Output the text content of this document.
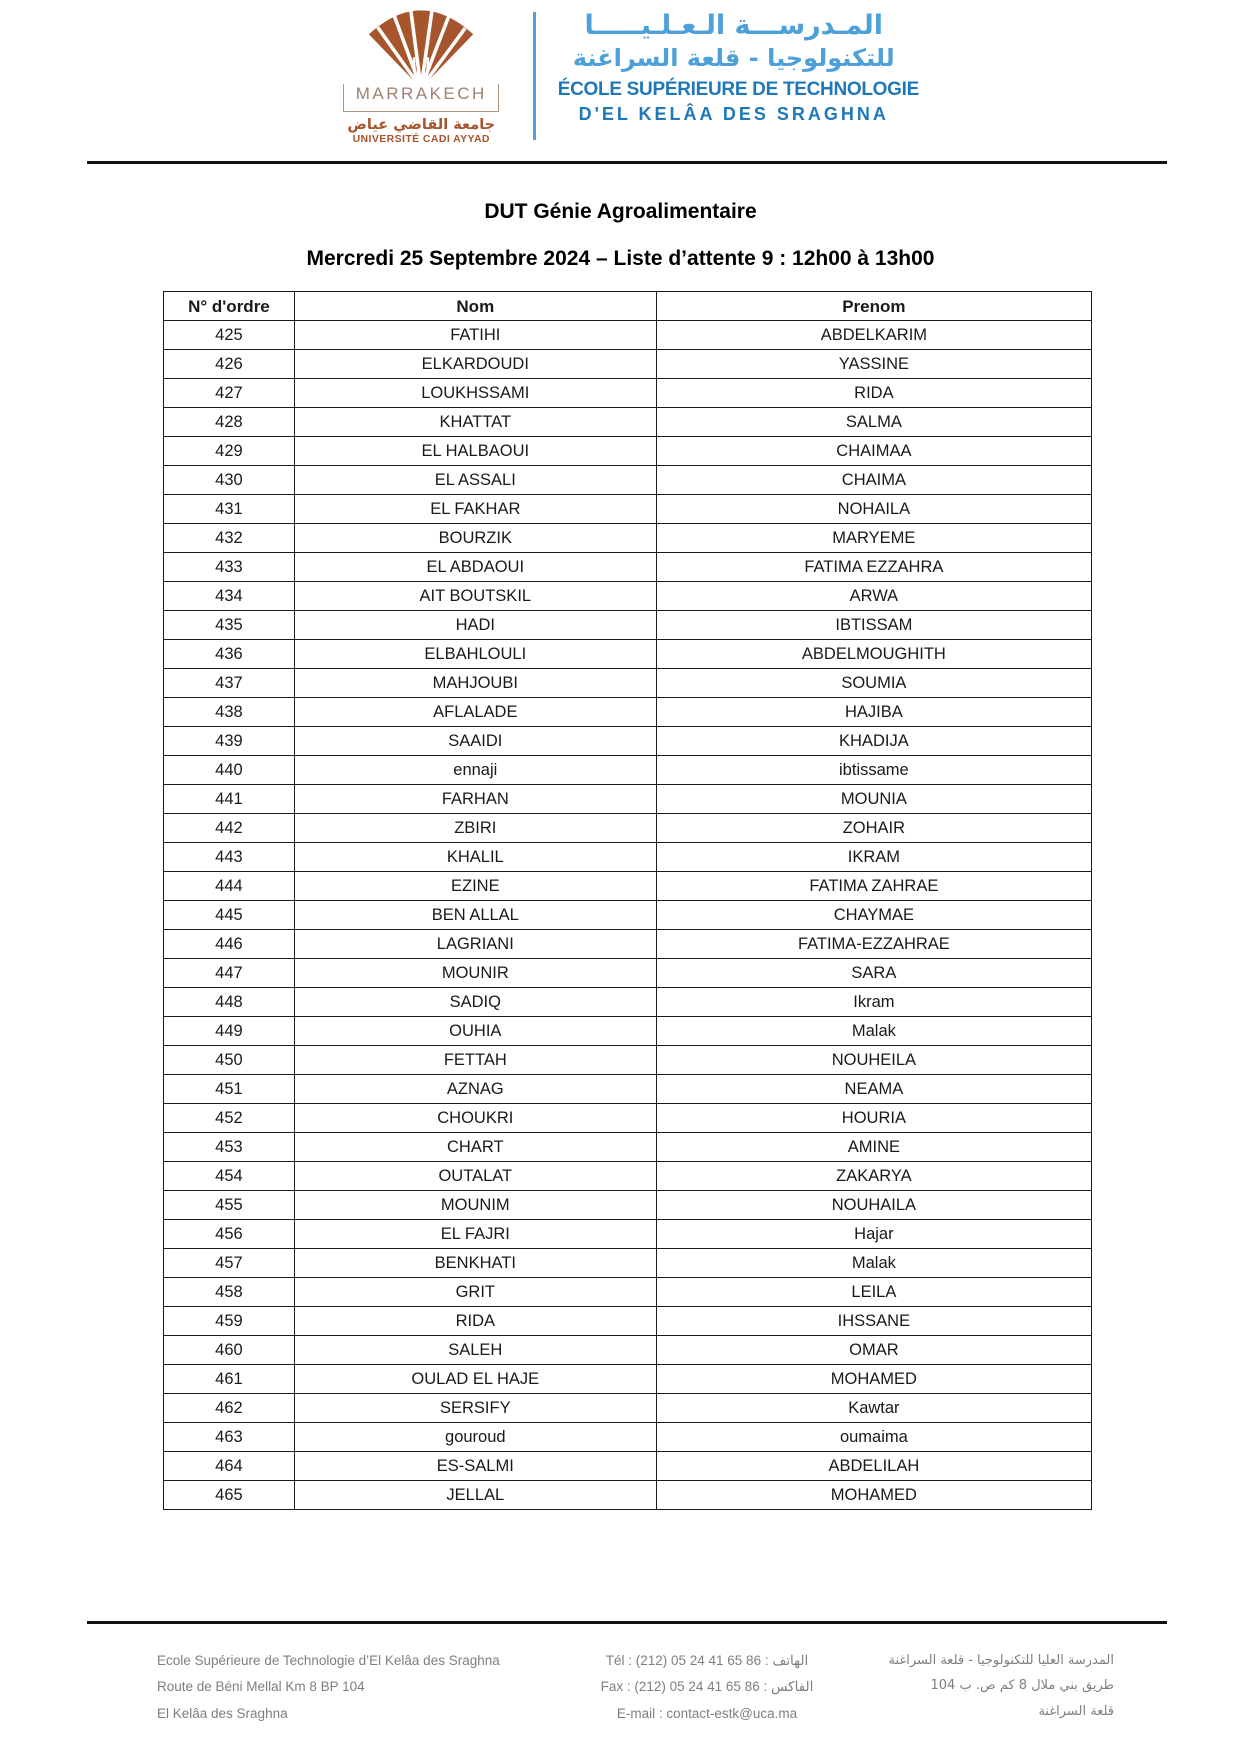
MARRAKECH
جامعة القاضي عياض
UNIVERSITÉ CADI AYYAD
المـدرســـة الـعـلـيـــــا
للتكنولوجيا - قلعة السراغنة
ÉCOLE SUPÉRIEURE DE TECHNOLOGIE
D'EL KELÂA DES SRAGHNA
DUT Génie Agroalimentaire
Mercredi 25 Septembre 2024 – Liste d’attente 9 : 12h00 à 13h00
N° d'ordre	Nom	Prenom
425	FATIHI	ABDELKARIM
426	ELKARDOUDI	YASSINE
427	LOUKHSSAMI	RIDA
428	KHATTAT	SALMA
429	EL HALBAOUI	CHAIMAA
430	EL ASSALI	CHAIMA
431	EL FAKHAR	NOHAILA
432	BOURZIK	MARYEME
433	EL ABDAOUI	FATIMA EZZAHRA
434	AIT BOUTSKIL	ARWA
435	HADI	IBTISSAM
436	ELBAHLOULI	ABDELMOUGHITH
437	MAHJOUBI	SOUMIA
438	AFLALADE	HAJIBA
439	SAAIDI	KHADIJA
440	ennaji	ibtissame
441	FARHAN	MOUNIA
442	ZBIRI	ZOHAIR
443	KHALIL	IKRAM
444	EZINE	FATIMA ZAHRAE
445	BEN ALLAL	CHAYMAE
446	LAGRIANI	FATIMA-EZZAHRAE
447	MOUNIR	SARA
448	SADIQ	Ikram
449	OUHIA	Malak
450	FETTAH	NOUHEILA
451	AZNAG	NEAMA
452	CHOUKRI	HOURIA
453	CHART	AMINE
454	OUTALAT	ZAKARYA
455	MOUNIM	NOUHAILA
456	EL FAJRI	Hajar
457	BENKHATI	Malak
458	GRIT	LEILA
459	RIDA	IHSSANE
460	SALEH	OMAR
461	OULAD EL HAJE	MOHAMED
462	SERSIFY	Kawtar
463	gouroud	oumaima
464	ES-SALMI	ABDELILAH
465	JELLAL	MOHAMED
Ecole Supérieure de Technologie d’El Kelâa des Sraghna
Route de Béni Mellal Km 8 BP 104
El Kelâa des Sraghna
Tél : (212) 05 24 41 65 86 : الهاتف
Fax : (212) 05 24 41 65 86 : الفاكس
E-mail : contact-estk@uca.ma
المدرسة العليا للتكنولوجيا - قلعة السراغنة
طريق بني ملال 8 كم ص. ب 104
قلعة السراغنة
